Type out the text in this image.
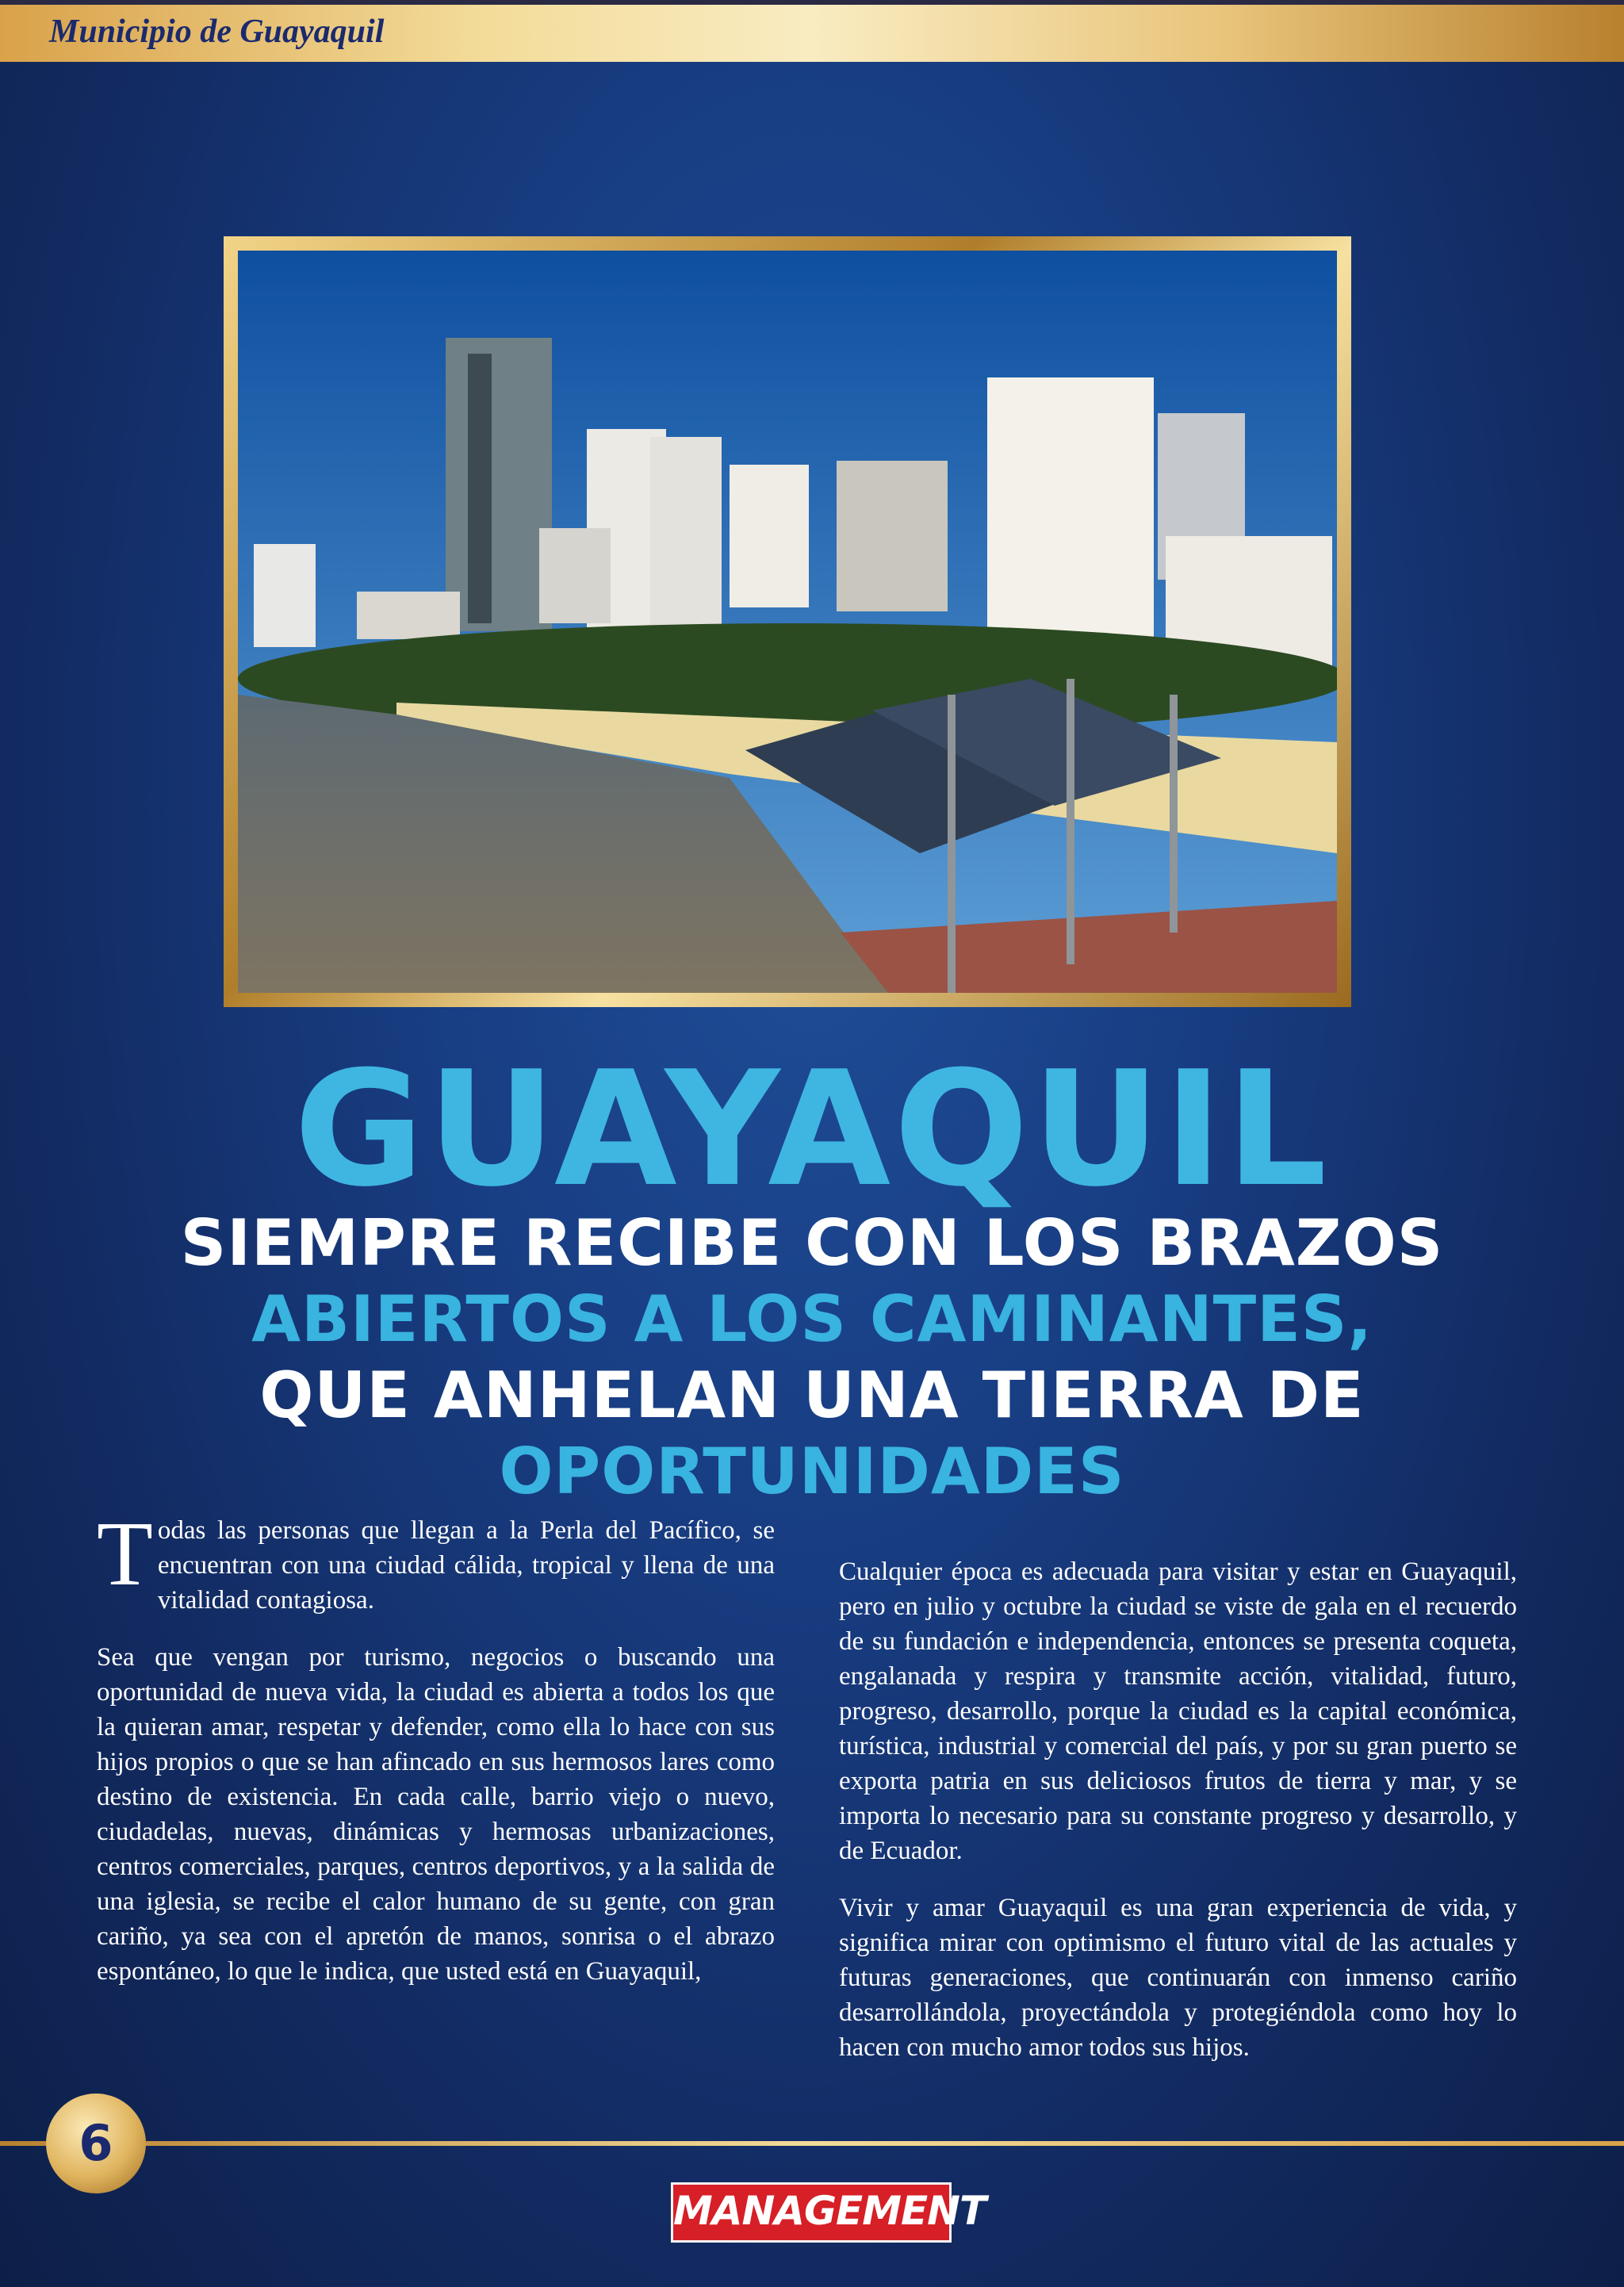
Municipio de Guayaquil
GUAYAQUIL
SIEMPRE RECIBE CON LOS BRAZOS
ABIERTOS A LOS CAMINANTES,
QUE ANHELAN UNA TIERRA DE
OPORTUNIDADES

Todas las personas que llegan a la Perla del Pacífico, se encuentran con una ciudad cálida, tropical y llena de una vitalidad contagiosa.

Sea que vengan por turismo, negocios o buscando una oportunidad de nueva vida, la ciudad es abierta a todos los que la quieran amar, respetar y defender, como ella lo hace con sus hijos propios o que se han afincado en sus hermosos lares como destino de existencia. En cada calle, barrio viejo o nuevo, ciudadelas, nuevas, dinámicas y hermosas urbanizaciones, centros comerciales, parques, centros deportivos, y a la salida de una iglesia, se recibe el calor humano de su gente, con gran cariño, ya sea con el apretón de manos, sonrisa o el abrazo espontáneo, lo que le indica, que usted está en Guayaquil,

Cualquier época es adecuada para visitar y estar en Guayaquil, pero en julio y octubre la ciudad se viste de gala en el recuerdo de su fundación e independencia, entonces se presenta coqueta, engalanada y respira y transmite acción, vitalidad, futuro, progreso, desarrollo, porque la ciudad es la capital económica, turística, industrial y comercial del país, y por su gran puerto se exporta patria en sus deliciosos frutos de tierra y mar, y se importa lo necesario para su constante progreso y desarrollo, y de Ecuador.

Vivir y amar Guayaquil es una gran experiencia de vida, y significa mirar con optimismo el futuro vital de las actuales y futuras generaciones, que continuarán con inmenso cariño desarrollándola, proyectándola y protegiéndola como hoy lo hacen con mucho amor todos sus hijos.

6
MANAGEMENT
